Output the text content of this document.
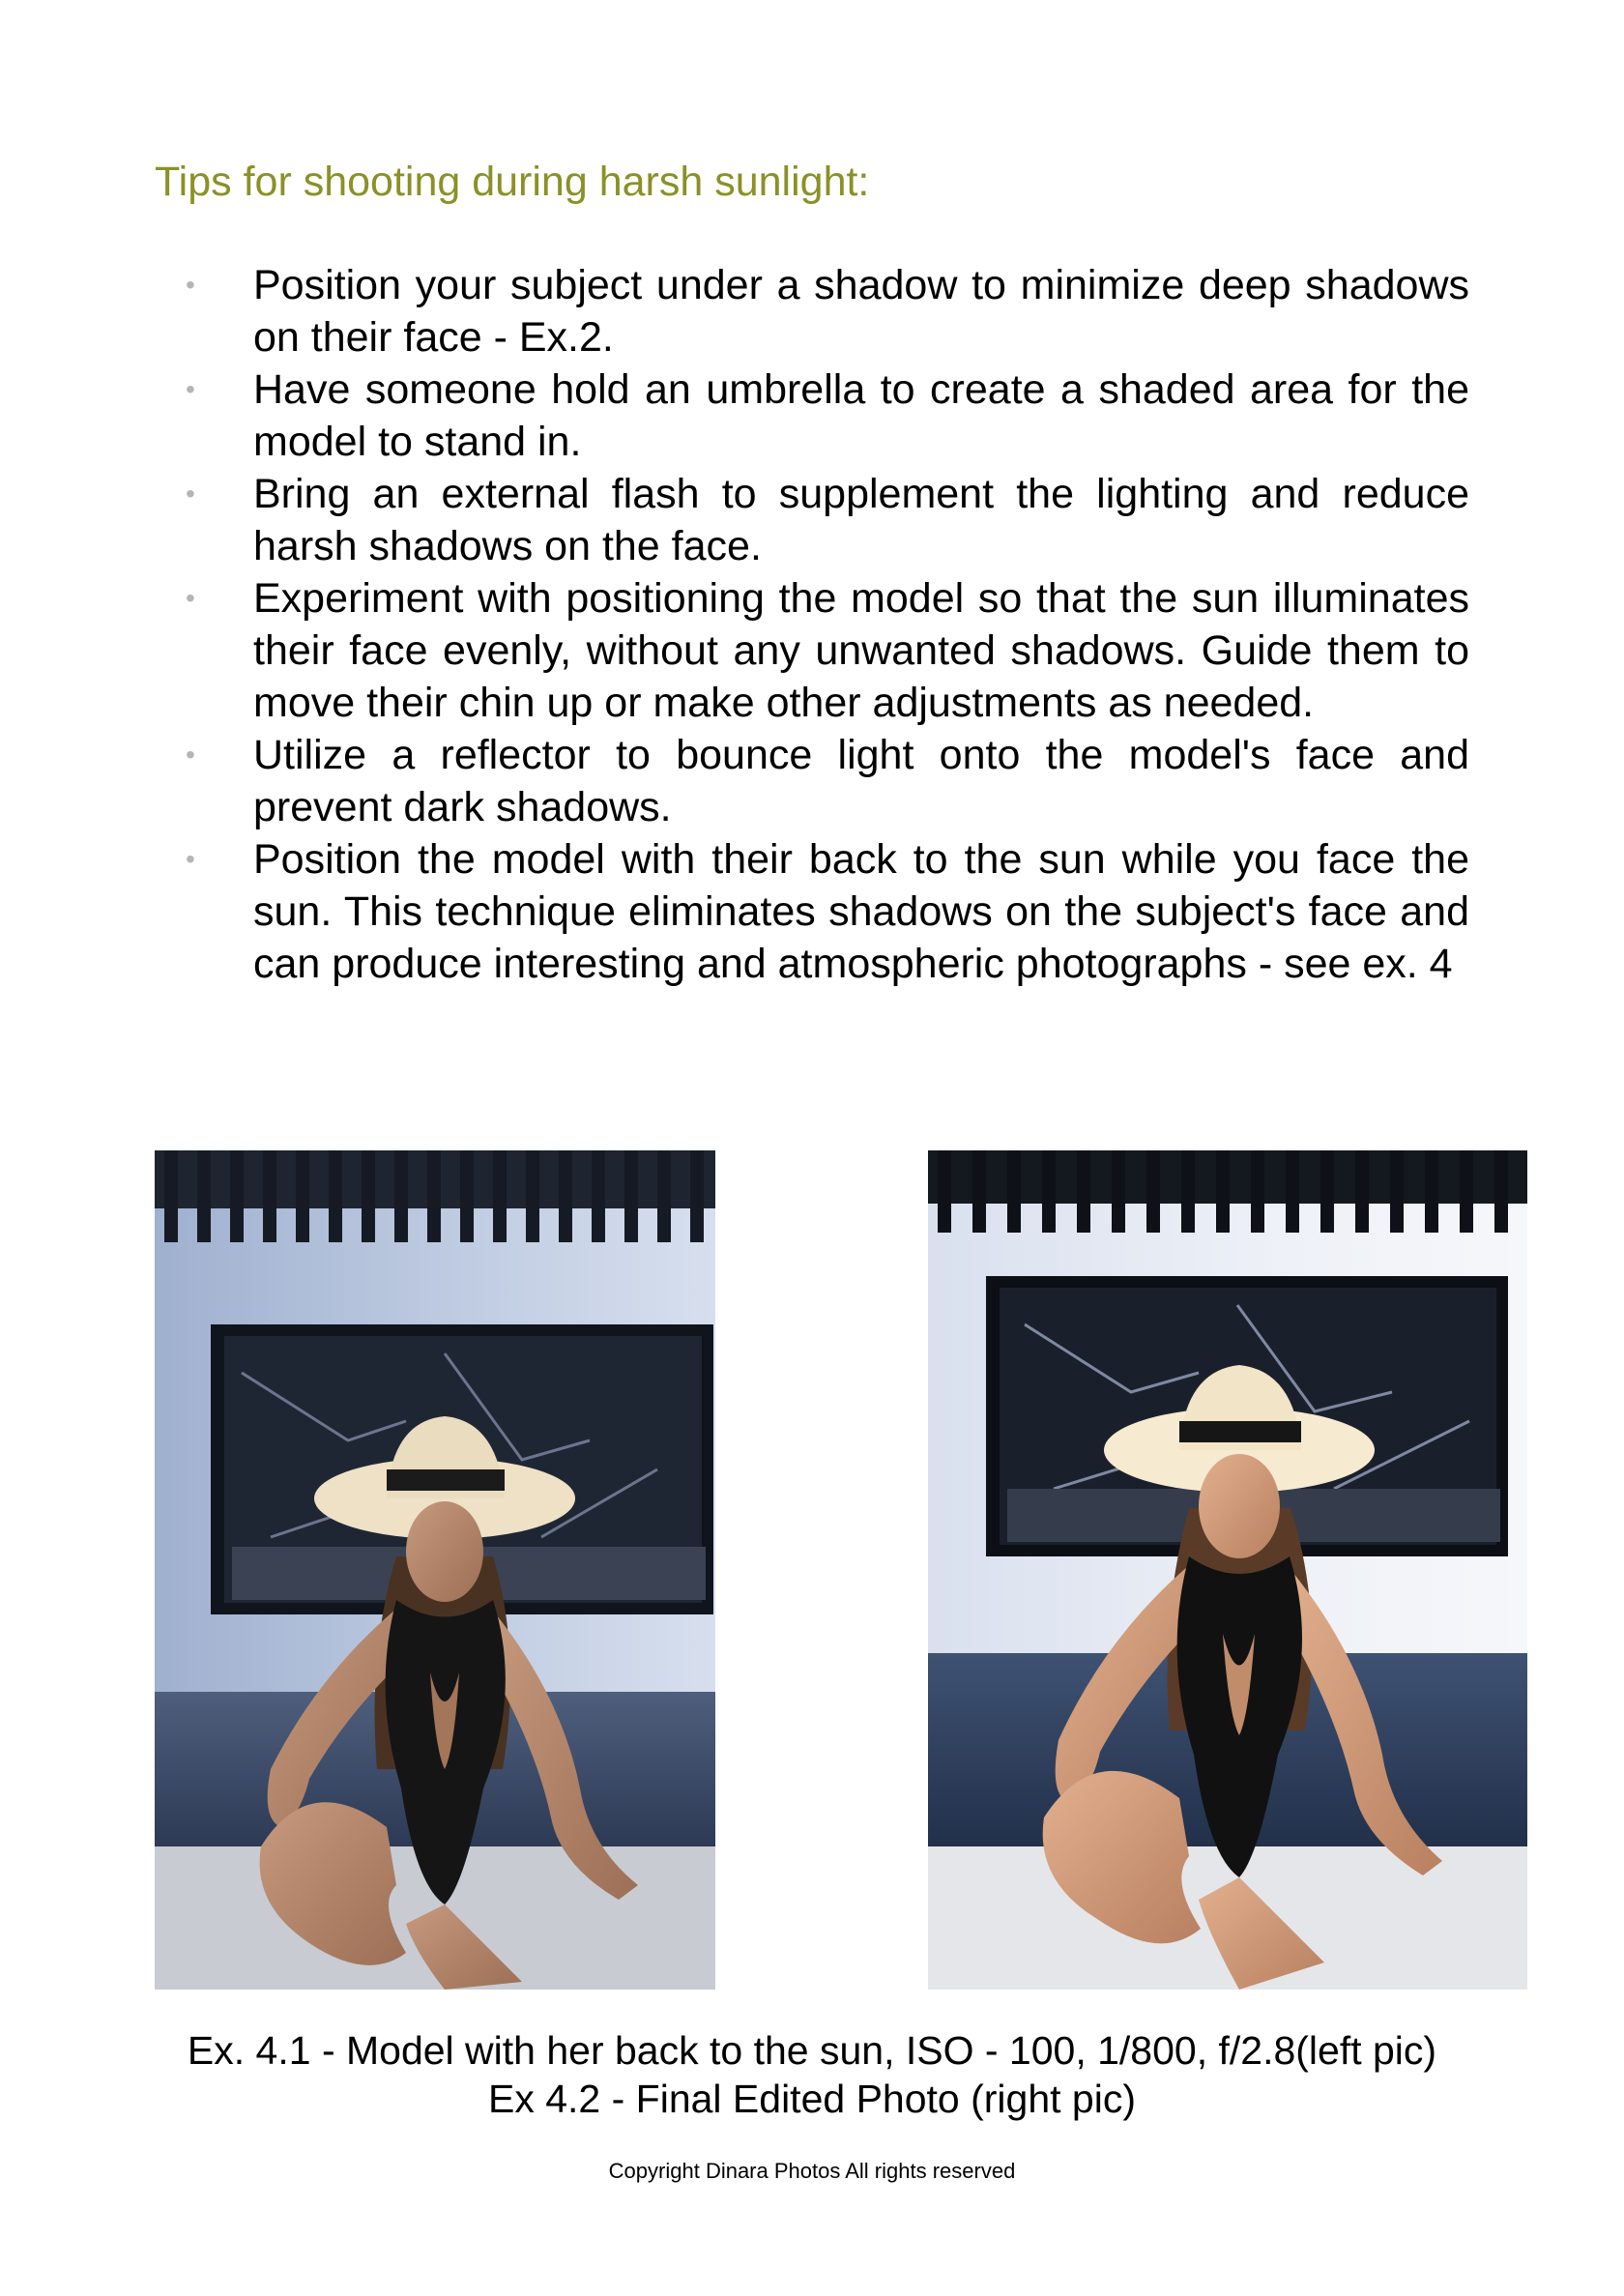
Tips for shooting during harsh sunlight:
• Position your subject under a shadow to minimize deep shadows on their face - Ex.2.
• Have someone hold an umbrella to create a shaded area for the model to stand in.
• Bring an external flash to supplement the lighting and reduce harsh shadows on the face.
• Experiment with positioning the model so that the sun illuminates their face evenly, without any unwanted shadows. Guide them to move their chin up or make other adjustments as needed.
• Utilize a reflector to bounce light onto the model's face and prevent dark shadows.
• Position the model with their back to the sun while you face the sun. This technique eliminates shadows on the subject's face and can produce interesting and atmospheric photographs - see ex. 4
Ex. 4.1 - Model with her back to the sun, ISO - 100, 1/800, f/2.8(left pic)
Ex 4.2 - Final Edited Photo (right pic)
Copyright Dinara Photos All rights reserved
